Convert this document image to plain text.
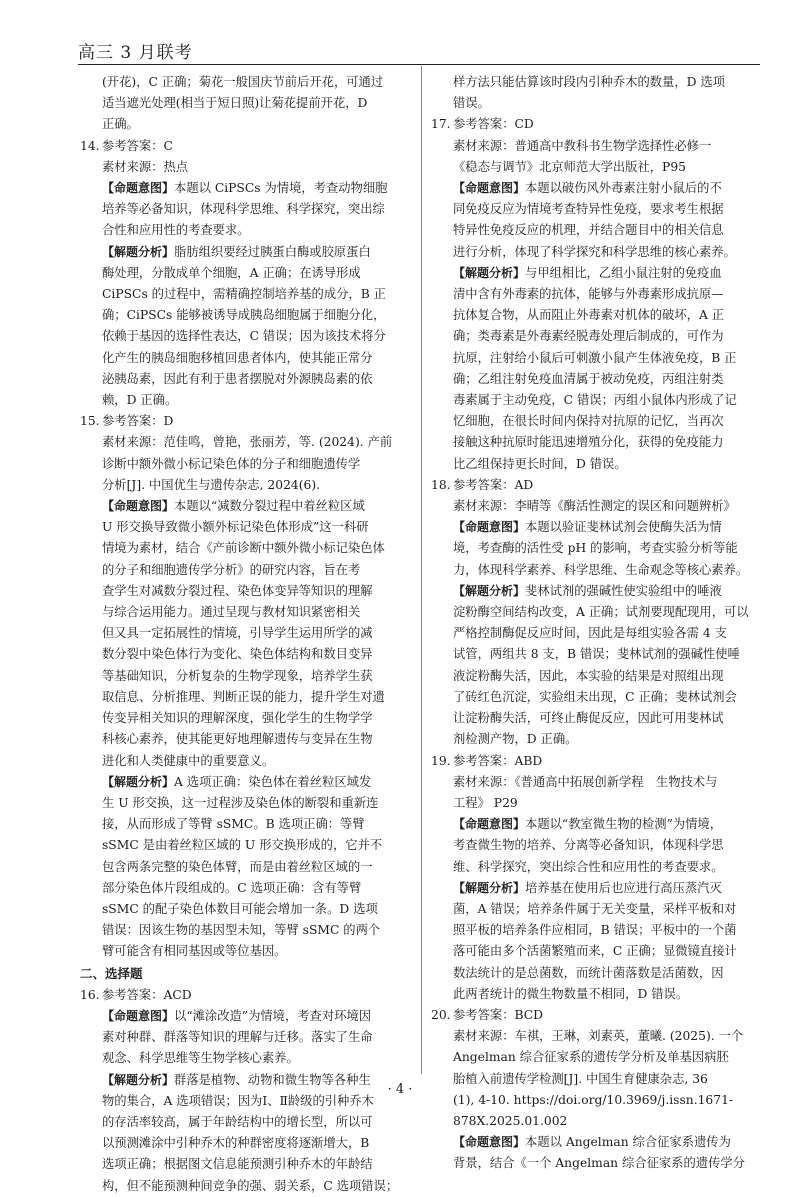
高三 3 月联考
(开花)，C 正确；菊花一般国庆节前后开花，可通过
适当遮光处理(相当于短日照)让菊花提前开花，D
正确。
14. 参考答案：C
素材来源：热点
【命题意图】本题以 CiPSCs 为情境，考查动物细胞
培养等必备知识，体现科学思维、科学探究，突出综
合性和应用性的考查要求。
【解题分析】脂肪组织要经过胰蛋白酶或胶原蛋白
酶处理，分散成单个细胞，A 正确；在诱导形成
CiPSCs 的过程中，需精确控制培养基的成分，B 正
确；CiPSCs 能够被诱导成胰岛细胞属于细胞分化，
依赖于基因的选择性表达，C 错误；因为该技术将分
化产生的胰岛细胞移植回患者体内，使其能正常分
泌胰岛素，因此有利于患者摆脱对外源胰岛素的依
赖，D 正确。
15. 参考答案：D
素材来源：范佳鸣，曾艳，张丽芳，等. (2024). 产前
诊断中额外微小标记染色体的分子和细胞遗传学
分析[J]. 中国优生与遗传杂志, 2024(6).
【命题意图】本题以“减数分裂过程中着丝粒区域
U 形交换导致微小额外标记染色体形成”这一科研
情境为素材，结合《产前诊断中额外微小标记染色体
的分子和细胞遗传学分析》的研究内容，旨在考
查学生对减数分裂过程、染色体变异等知识的理解
与综合运用能力。通过呈现与教材知识紧密相关
但又具一定拓展性的情境，引导学生运用所学的减
数分裂中染色体行为变化、染色体结构和数目变异
等基础知识，分析复杂的生物学现象，培养学生获
取信息、分析推理、判断正误的能力，提升学生对遗
传变异相关知识的理解深度，强化学生的生物学学
科核心素养，使其能更好地理解遗传与变异在生物
进化和人类健康中的重要意义。
【解题分析】A 选项正确：染色体在着丝粒区域发
生 U 形交换，这一过程涉及染色体的断裂和重新连
接，从而形成了等臂 sSMC。B 选项正确：等臂
sSMC 是由着丝粒区域的 U 形交换形成的，它并不
包含两条完整的染色体臂，而是由着丝粒区域的一
部分染色体片段组成的。C 选项正确：含有等臂
sSMC 的配子染色体数目可能会增加一条。D 选项
错误：因该生物的基因型未知，等臂 sSMC 的两个
臂可能含有相同基因或等位基因。
二、选择题
16. 参考答案：ACD
【命题意图】以“滩涂改造”为情境，考查对环境因
素对种群、群落等知识的理解与迁移。落实了生命
观念、科学思维等生物学核心素养。
【解题分析】群落是植物、动物和微生物等各种生
物的集合，A 选项错误；因为Ⅰ、Ⅱ龄级的引种乔木
的存活率较高，属于年龄结构中的增长型，所以可
以预测滩涂中引种乔木的种群密度将逐渐增大，B
选项正确；根据图文信息能预测引种乔木的年龄结
构，但不能预测种间竞争的强、弱关系，C 选项错误；
样方法只能估算该时段内引种乔木的数量，D 选项
错误。
17. 参考答案：CD
素材来源：普通高中教科书生物学选择性必修一
《稳态与调节》北京师范大学出版社，P95
【命题意图】本题以破伤风外毒素注射小鼠后的不
同免疫反应为情境考查特异性免疫，要求考生根据
特异性免疫反应的机理，并结合题目中的相关信息
进行分析，体现了科学探究和科学思维的核心素养。
【解题分析】与甲组相比，乙组小鼠注射的免疫血
清中含有外毒素的抗体，能够与外毒素形成抗原—
抗体复合物，从而阻止外毒素对机体的破坏，A 正
确；类毒素是外毒素经脱毒处理后制成的，可作为
抗原，注射给小鼠后可刺激小鼠产生体液免疫，B 正
确；乙组注射免疫血清属于被动免疫，丙组注射类
毒素属于主动免疫，C 错误；丙组小鼠体内形成了记
忆细胞，在很长时间内保持对抗原的记忆，当再次
接触这种抗原时能迅速增殖分化，获得的免疫能力
比乙组保持更长时间，D 错误。
18. 参考答案：AD
素材来源：李晴等《酶活性测定的误区和问题辨析》
【命题意图】本题以验证斐林试剂会使酶失活为情
境，考查酶的活性受 pH 的影响，考查实验分析等能
力，体现科学素养、科学思维、生命观念等核心素养。
【解题分析】斐林试剂的强碱性使实验组中的唾液
淀粉酶空间结构改变，A 正确；试剂要现配现用，可以
严格控制酶促反应时间，因此是每组实验各需 4 支
试管，两组共 8 支，B 错误；斐林试剂的强碱性使唾
液淀粉酶失活，因此，本实验的结果是对照组出现
了砖红色沉淀，实验组未出现，C 正确；斐林试剂会
让淀粉酶失活，可终止酶促反应，因此可用斐林试
剂检测产物，D 正确。
19. 参考答案：ABD
素材来源：《普通高中拓展创新学程　生物技术与
工程》 P29
【命题意图】本题以“教室微生物的检测”为情境，
考查微生物的培养、分离等必备知识，体现科学思
维、科学探究，突出综合性和应用性的考查要求。
【解题分析】培养基在使用后也应进行高压蒸汽灭
菌，A 错误；培养条件属于无关变量，采样平板和对
照平板的培养条件应相同，B 错误；平板中的一个菌
落可能由多个活菌繁殖而来，C 正确；显微镜直接计
数法统计的是总菌数，而统计菌落数是活菌数，因
此两者统计的微生物数量不相同，D 错误。
20. 参考答案：BCD
素材来源：车祺，王琳，刘素英，董曦. (2025). 一个
Angelman 综合征家系的遗传学分析及单基因病胚
胎植入前遗传学检测[J]. 中国生育健康杂志, 36
(1), 4-10. https://doi.org/10.3969/j.issn.1671-
878X.2025.01.002
【命题意图】本题以 Angelman 综合征家系遗传为
背景，结合《一个 Angelman 综合征家系的遗传学分
· 4 ·
